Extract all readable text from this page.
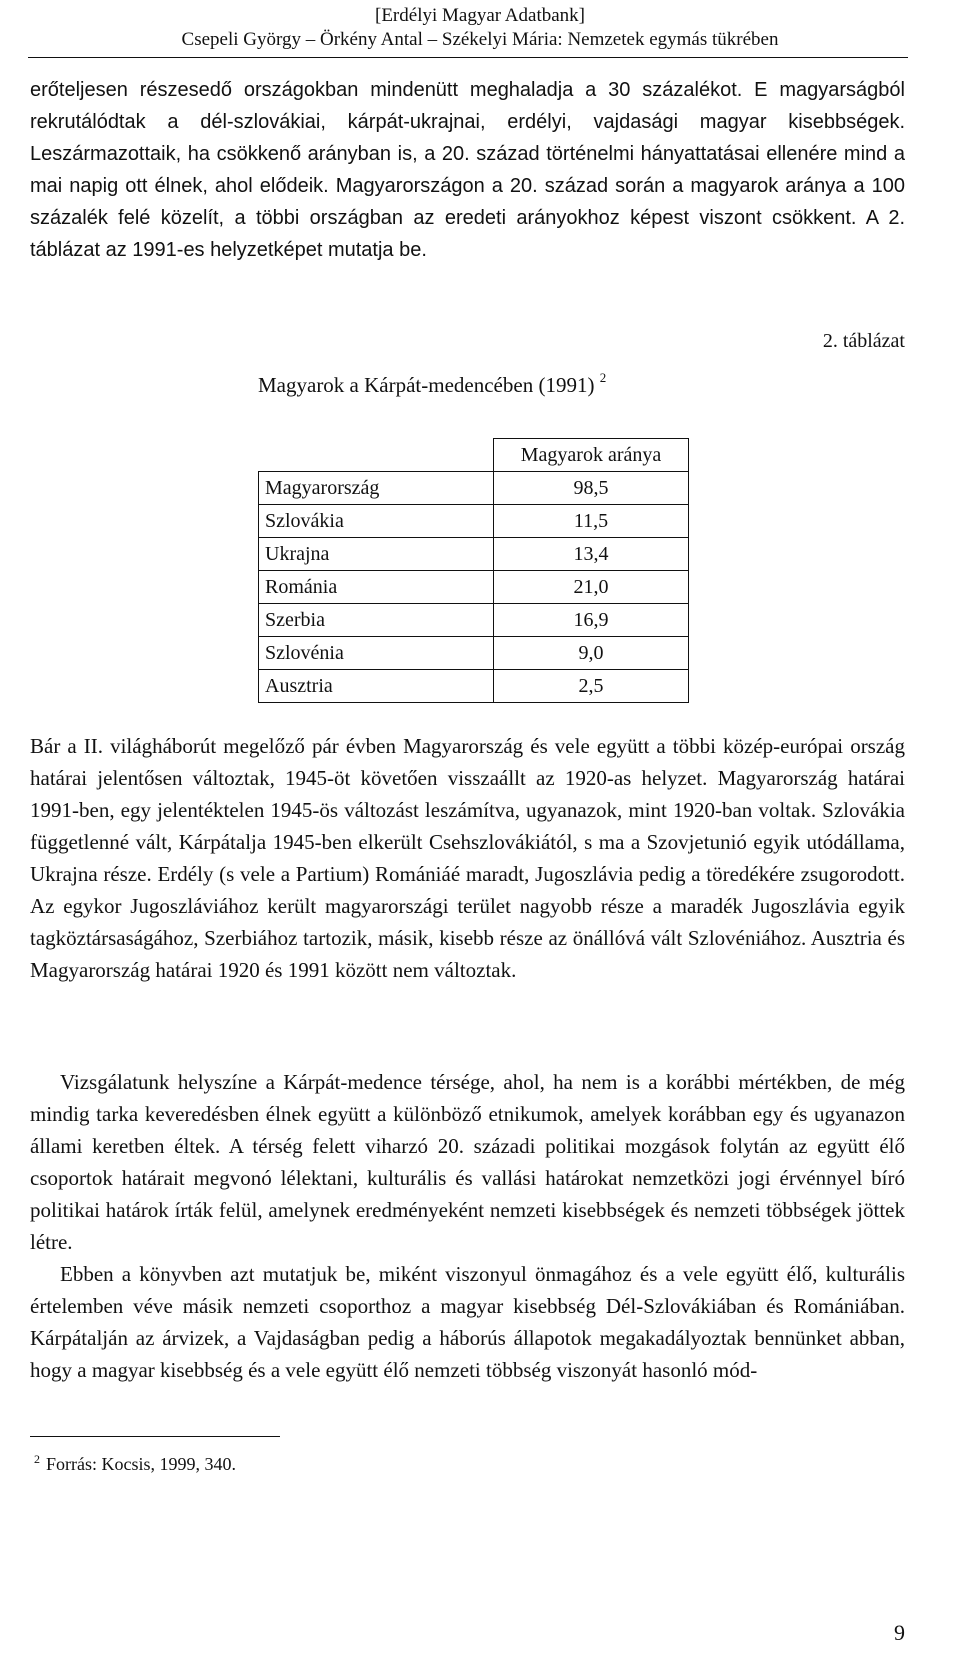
[Erdélyi Magyar Adatbank]
Csepeli György – Örkény Antal – Székelyi Mária: Nemzetek egymás tükrében

erőteljesen részesedő országokban mindenütt meghaladja a 30 százalékot. E magyarságból rekrutálódtak a dél-szlovákiai, kárpát-ukrajnai, erdélyi, vajdasági magyar kisebbségek. Leszármazottaik, ha csökkenő arányban is, a 20. század történelmi hányattatásai ellenére mind a mai napig ott élnek, ahol elődeik. Magyarországon a 20. század során a magyarok aránya a 100 százalék felé közelít, a többi országban az eredeti arányokhoz képest viszont csökkent. A 2. táblázat az 1991-es helyzetképet mutatja be.

2. táblázat
Magyarok a Kárpát-medencében (1991) $^2$
	Magyarok aránya
Magyarország	98,5
Szlovákia	11,5
Ukrajna	13,4
Románia	21,0
Szerbia	16,9
Szlovénia	9,0
Ausztria	2,5

Bár a II. világháborút megelőző pár évben Magyarország és vele együtt a többi közép-európai ország határai jelentősen változtak, 1945-öt követően visszaállt az 1920-as helyzet. Magyarország határai 1991-ben, egy jelentéktelen 1945-ös változást leszámítva, ugyanazok, mint 1920-ban voltak. Szlovákia függetlenné vált, Kárpátalja 1945-ben elkerült Csehszlovákiától, s ma a Szovjetunió egyik utódállama, Ukrajna része. Erdély (s vele a Partium) Romániáé maradt, Jugoszlávia pedig a töredékére zsugorodott. Az egykor Jugoszláviához került magyarországi terület nagyobb része a maradék Jugoszlávia egyik tagköztársaságához, Szerbiához tartozik, másik, kisebb része az önállóvá vált Szlovéniához. Ausztria és Magyarország határai 1920 és 1991 között nem változtak.

Vizsgálatunk helyszíne a Kárpát-medence térsége, ahol, ha nem is a korábbi mértékben, de még mindig tarka keveredésben élnek együtt a különböző etnikumok, amelyek korábban egy és ugyanazon állami keretben éltek. A térség felett viharzó 20. századi politikai mozgások folytán az együtt élő csoportok határait megvonó lélektani, kulturális és vallási határokat nemzetközi jogi érvénnyel bíró politikai határok írták felül, amelynek eredményeként nemzeti kisebbségek és nemzeti többségek jöttek létre.

Ebben a könyvben azt mutatjuk be, miként viszonyul önmagához és a vele együtt élő, kulturális értelemben véve másik nemzeti csoporthoz a magyar kisebbség Dél-Szlovákiában és Romániában. Kárpátalján az árvizek, a Vajdaságban pedig a háborús állapotok megakadályoztak bennünket abban, hogy a magyar kisebbség és a vele együtt élő nemzeti többség viszonyát hasonló mód-

$^2$ Forrás: Kocsis, 1999, 340.
9
